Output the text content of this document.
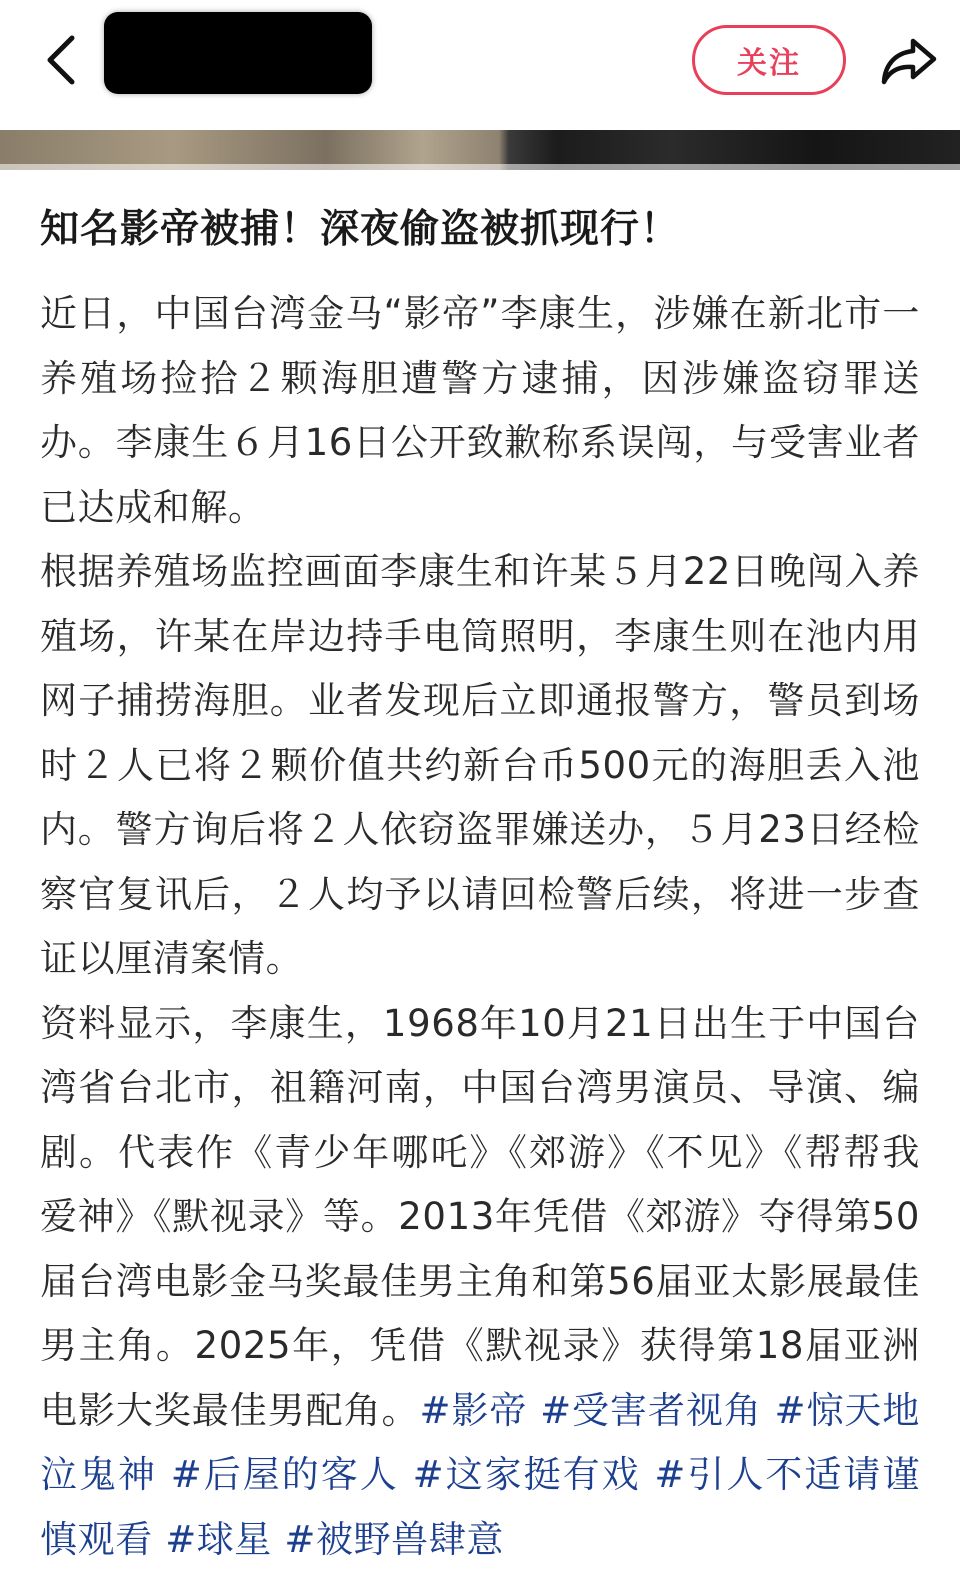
关注
知名影帝被捕！深夜偷盗被抓现行！

近日，中国台湾金马“影帝”李康生，涉嫌在新北市一养殖场捡拾２颗海胆遭警方逮捕，因涉嫌盗窃罪送办。李康生６月16日公开致歉称系误闯，与受害业者已达成和解。

根据养殖场监控画面李康生和许某５月22日晚闯入养殖场，许某在岸边持手电筒照明，李康生则在池内用网子捕捞海胆。业者发现后立即通报警方，警员到场时２人已将２颗价值共约新台币500元的海胆丢入池内。警方询后将２人依窃盗罪嫌送办，５月23日经检察官复讯后，２人均予以请回检警后续，将进一步查证以厘清案情。

资料显示，李康生，1968年10月21日出生于中国台湾省台北市，祖籍河南，中国台湾男演员、导演、编剧。代表作《青少年哪吒》《郊游》《不见》《帮帮我爱神》《默视录》等。2013年凭借《郊游》夺得第50届台湾电影金马奖最佳男主角和第56届亚太影展最佳男主角。2025年，凭借《默视录》获得第18届亚洲电影大奖最佳男配角。#影帝 #受害者视角 #惊天地泣鬼神 #后屋的客人 #这家挺有戏 #引人不适请谨慎观看 #球星 #被野兽肆意
